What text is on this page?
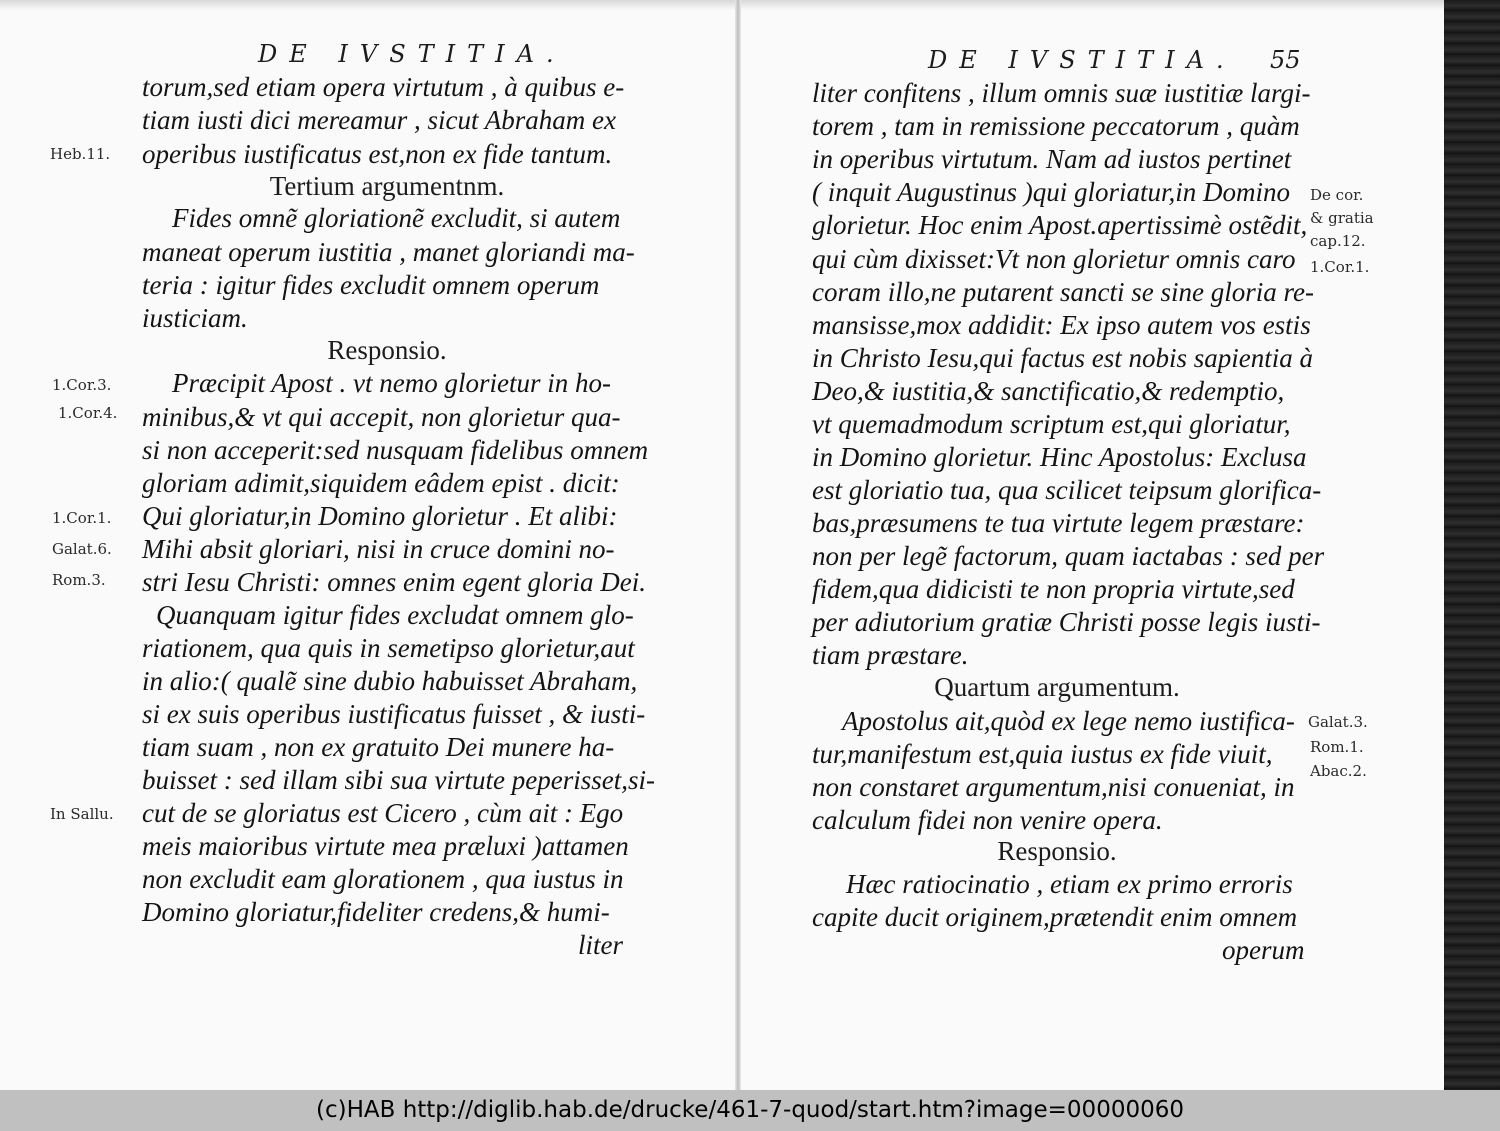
DE IVSTITIA.
torum,sed etiam opera virtutum , à quibus e-
tiam iusti dici mereamur , sicut Abraham ex
operibus iustificatus est,non ex fide tantum.
Tertium argumentnm.
Fides omnẽ gloriationẽ excludit, si autem
maneat operum iustitia , manet gloriandi ma-
teria : igitur fides excludit omnem operum
iusticiam.
Responsio.
Præcipit Apost . vt nemo glorietur in ho-
minibus,& vt qui accepit, non glorietur qua-
si non acceperit:sed nusquam fidelibus omnem
gloriam adimit,siquidem eâdem epist . dicit:
Qui gloriatur,in Domino glorietur . Et alibi:
Mihi absit gloriari, nisi in cruce domini no-
stri Iesu Christi: omnes enim egent gloria Dei.
Quanquam igitur fides excludat omnem glo-
riationem, qua quis in semetipso glorietur,aut
in alio:( qualẽ sine dubio habuisset Abraham,
si ex suis operibus iustificatus fuisset , & iusti-
tiam suam , non ex gratuito Dei munere ha-
buisset : sed illam sibi sua virtute peperisset,si-
cut de se gloriatus est Cicero , cùm ait : Ego
meis maioribus virtute mea præluxi )attamen
non excludit eam glorationem , qua iustus in
Domino gloriatur,fideliter credens,& humi-
liter
Heb.11.
1.Cor.3.
1.Cor.4.
1.Cor.1.
Galat.6.
Rom.3.
In Sallu.
DE IVSTITIA. 55
liter confitens , illum omnis suæ iustitiæ largi-
torem , tam in remissione peccatorum , quàm
in operibus virtutum. Nam ad iustos pertinet
( inquit Augustinus )qui gloriatur,in Domino
glorietur. Hoc enim Apost.apertissimè ostẽdit,
qui cùm dixisset:Vt non glorietur omnis caro
coram illo,ne putarent sancti se sine gloria re-
mansisse,mox addidit: Ex ipso autem vos estis
in Christo Iesu,qui factus est nobis sapientia à
Deo,& iustitia,& sanctificatio,& redemptio,
vt quemadmodum scriptum est,qui gloriatur,
in Domino glorietur. Hinc Apostolus: Exclusa
est gloriatio tua, qua scilicet teipsum glorifica-
bas,præsumens te tua virtute legem præstare:
non per legẽ factorum, quam iactabas : sed per
fidem,qua didicisti te non propria virtute,sed
per adiutorium gratiæ Christi posse legis iusti-
tiam præstare.
Quartum argumentum.
Apostolus ait,quòd ex lege nemo iustifica-
tur,manifestum est,quia iustus ex fide viuit,
non constaret argumentum,nisi conueniat, in
calculum fidei non venire opera.
Responsio.
Hæc ratiocinatio , etiam ex primo erroris
capite ducit originem,prætendit enim omnem
operum
De cor.
& gratia
cap.12.
1.Cor.1.
Galat.3.
Rom.1.
Abac.2.
(c)HAB http://diglib.hab.de/drucke/461-7-quod/start.htm?image=00000060
